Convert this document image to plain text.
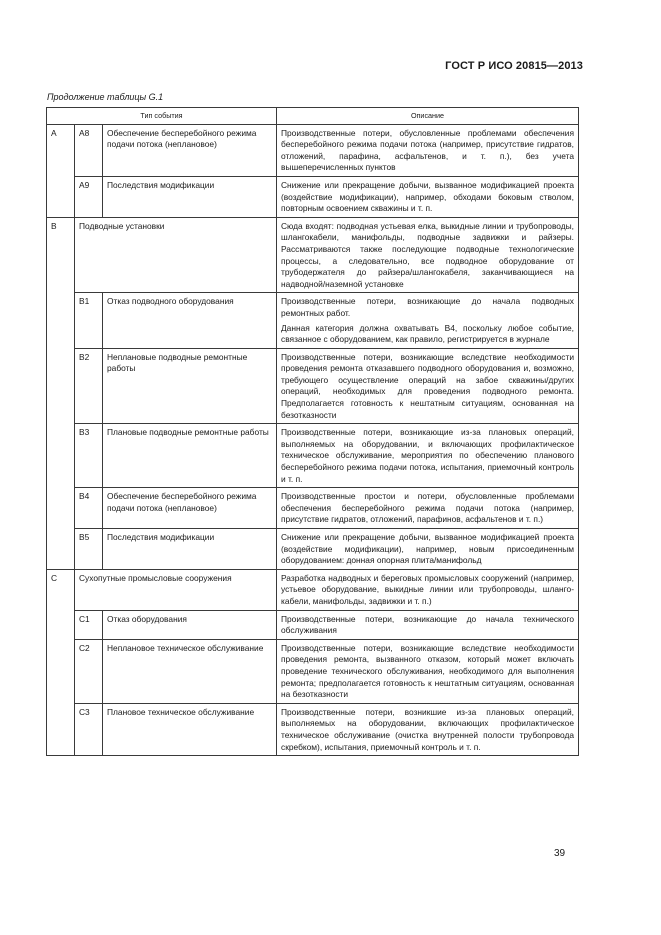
ГОСТ Р ИСО 20815—2013
Продолжение таблицы G.1
Тип события			Описание
A	A8	Обеспечение бесперебойного режима подачи потока (неплановое)	Производственные потери, обусловленные проблемами обеспечения бесперебойного режима подачи потока (например, присутствие гидратов, отложений, парафина, асфальтенов, и т. п.), без учета вышеперечисленных пунктов
	A9	Последствия модификации	Снижение или прекращение добычи, вызванное модификацией проекта (воздействие модификации), например, обходами боковым стволом, повторным освоением скважины и т. п.
B	Подводные установки		Сюда входят: подводная устьевая елка, выкидные линии и трубопроводы, шлангокабели, манифольды, подводные задвижки и райзеры. Рассматриваются также последующие подводные технологические процессы, а следовательно, все подводное оборудование от трубодержателя до райзера/шлангокабеля, заканчивающиеся на надводной/наземной установке
	B1	Отказ подводного оборудования	Производственные потери, возникающие до начала подводных ремонтных работ.
Данная категория должна охватывать B4, поскольку любое событие, связанное с оборудованием, как правило, регистрируется в журнале

	B2	Неплановые подводные ремонтные работы	Производственные потери, возникающие вследствие необходимости проведения ремонта отказавшего подводного оборудования и, возможно, требующего осуществление операций на забое скважины/других операций, необходимых для проведения подводного ремонта. Предполагается готовность к нештатным ситуациям, основанная на безотказности
	B3	Плановые подводные ремонтные работы	Производственные потери, возникающие из-за плановых операций, выполняемых на оборудовании, и включающих профилактическое техническое обслуживание, мероприятия по обеспечению планового бесперебойного режима подачи потока, испытания, приемочный контроль и т. п.
	B4	Обеспечение бесперебойного режима подачи потока (неплановое)	Производственные простои и потери, обусловленные проблемами обеспечения бесперебойного режима подачи потока (например, присутствие гидратов, отложений, парафинов, асфальтенов и т. п.)
	B5	Последствия модификации	Снижение или прекращение добычи, вызванное модификацией проекта (воздействие модификации), например, новым присоединенным оборудованием: донная опорная плита/манифольд
C	Сухопутные промысловые сооружения		Разработка надводных и береговых промысловых сооружений (например, устьевое оборудование, выкидные линии или трубопроводы, шланго-кабели, манифольды, задвижки и т. п.)
	C1	Отказ оборудования	Производственные потери, возникающие до начала технического обслуживания
	C2	Неплановое техническое обслуживание	Производственные потери, возникающие вследствие необходимости проведения ремонта, вызванного отказом, который может включать проведение технического обслуживания, необходимого для выполнения ремонта; предполагается готовность к нештатным ситуациям, основанная на безотказности
	C3	Плановое техническое обслуживание	Производственные потери, возникшие из-за плановых операций, выполняемых на оборудовании, включающих профилактическое техническое обслуживание (очистка внутренней полости трубопровода скребком), испытания, приемочный контроль и т. п.
39
